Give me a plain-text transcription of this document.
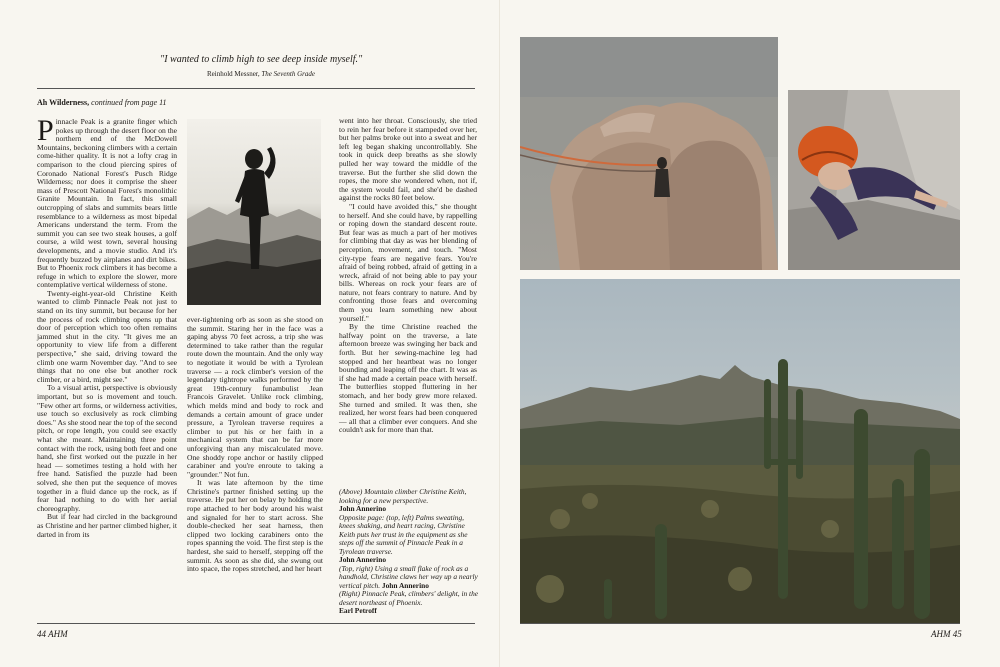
"I wanted to climb high to see deep inside myself."
Reinhold Messner, The Seventh Grade
Ah Wilderness, continued from page 11

Pinnacle Peak is a granite finger which pokes up through the desert floor on the northern end of the McDowell Mountains, beckoning climbers with a certain come-hither quality. It is not a lofty crag in comparison to the cloud piercing spires of Coronado National Forest's Pusch Ridge Wilderness; nor does it comprise the sheer mass of Prescott National Forest's monolithic Granite Mountain. In fact, this small outcropping of slabs and summits bears little resemblance to a wilderness as most bipedal Americans understand the term. From the summit you can see two steak houses, a golf course, a wild west town, several housing developments, and a movie studio. And it's frequently buzzed by airplanes and dirt bikes. But to Phoenix rock climbers it has become a refuge in which to explore the slower, more contemplative vertical wilderness of stone.

Twenty-eight-year-old Christine Keith wanted to climb Pinnacle Peak not just to stand on its tiny summit, but because for her the process of rock climbing opens up that door of perception which too often remains jammed shut in the city. "It gives me an opportunity to view life from a different perspective," she said, driving toward the climb one warm November day. "And to see things that no one else but another rock climber, or a bird, might see."

To a visual artist, perspective is obviously important, but so is movement and touch. "Few other art forms, or wilderness activities, use touch so exclusively as rock climbing does." As she stood near the top of the second pitch, or rope length, you could see exactly what she meant. Maintaining three point contact with the rock, using both feet and one hand, she first worked out the puzzle in her head — sometimes testing a hold with her free hand. Satisfied the puzzle had been solved, she then put the sequence of moves together in a fluid dance up the rock, as if fear had nothing to do with her aerial choreography.

But if fear had circled in the background as Christine and her partner climbed higher, it darted in from its

ever-tightening orb as soon as she stood on the summit. Staring her in the face was a gaping abyss 70 feet across, a trip she was determined to take rather than the regular route down the mountain. And the only way to negotiate it would be with a Tyrolean traverse — a rock climber's version of the legendary tightrope walks performed by the great 19th-century funambulist Jean Francois Gravelet. Unlike rock climbing, which melds mind and body to rock and demands a certain amount of grace under pressure, a Tyrolean traverse requires a climber to put his or her faith in a mechanical system that can be far more unforgiving than any miscalculated move. One shoddy rope anchor or hastily clipped carabiner and you're enroute to taking a "grounder." Not fun.

It was late afternoon by the time Christine's partner finished setting up the traverse. He put her on belay by holding the rope attached to her body around his waist and signaled for her to start across. She double-checked her seat harness, then clipped two locking carabiners onto the ropes spanning the void. The first step is the hardest, she said to herself, stepping off the summit. As soon as she did, she swung out into space, the ropes stretched, and her heart

went into her throat. Consciously, she tried to rein her fear before it stampeded over her, but her palms broke out into a sweat and her left leg began shaking uncontrollably. She took in quick deep breaths as she slowly pulled her way toward the middle of the traverse. But the further she slid down the ropes, the more she wondered when, not if, the system would fail, and she'd be dashed against the rocks 80 feet below.

"I could have avoided this," she thought to herself. And she could have, by rappelling or roping down the standard descent route. But fear was as much a part of her motives for climbing that day as was her blending of perception, movement, and touch. "Most city-type fears are negative fears. You're afraid of being robbed, afraid of getting in a wreck, afraid of not being able to pay your bills. Whereas on rock your fears are of nature, not fears contrary to nature. And by confronting those fears and overcoming them you learn something new about yourself."

By the time Christine reached the halfway point on the traverse, a late afternoon breeze was swinging her back and forth. But her sewing-machine leg had stopped and her heartbeat was no longer bounding and leaping off the chart. It was as if she had made a certain peace with herself. The butterflies stopped fluttering in her stomach, and her body grew more relaxed. She turned and smiled. It was then, she realized, her worst fears had been conquered — all that a climber ever conquers. And she couldn't ask for more than that.

(Above) Mountain climber Christine Keith, looking for a new perspective.
John Annerino
Opposite page: (top, left) Palms sweating, knees shaking, and heart racing, Christine Keith puts her trust in the equipment as she steps off the summit of Pinnacle Peak in a Tyrolean traverse.
John Annerino
(Top, right) Using a small flake of rock as a handhold, Christine claws her way up a nearly vertical pitch. John Annerino
(Right) Pinnacle Peak, climbers' delight, in the desert northeast of Phoenix.
Earl Petroff
44 AHM	AHM 45
